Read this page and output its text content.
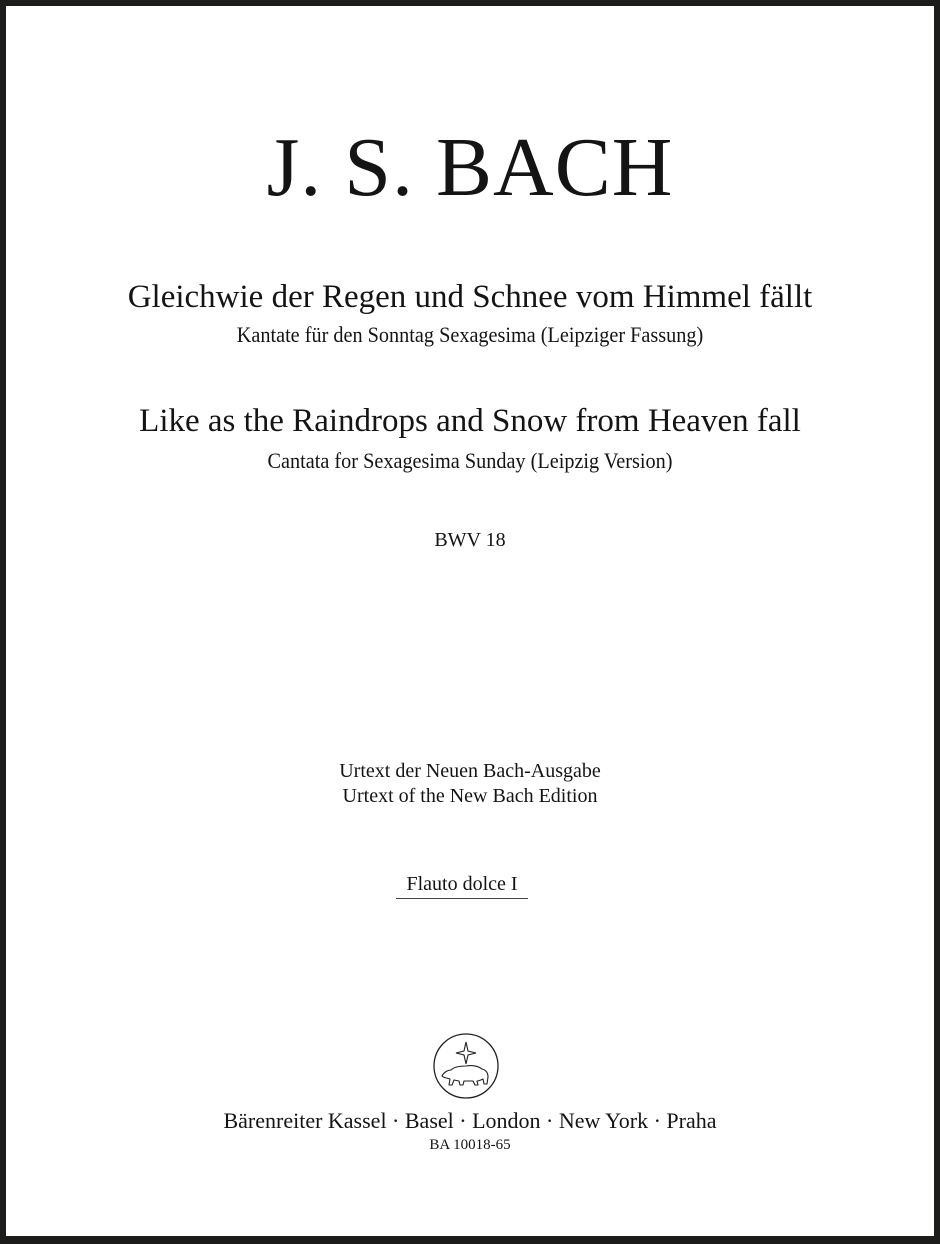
J. S. BACH
Gleichwie der Regen und Schnee vom Himmel fällt
Kantate für den Sonntag Sexagesima (Leipziger Fassung)
Like as the Raindrops and Snow from Heaven fall
Cantata for Sexagesima Sunday (Leipzig Version)
BWV 18
Urtext der Neuen Bach-Ausgabe
Urtext of the New Bach Edition
Flauto dolce I
Bärenreiter Kassel · Basel · London · New York · Praha
BA 10018-65
